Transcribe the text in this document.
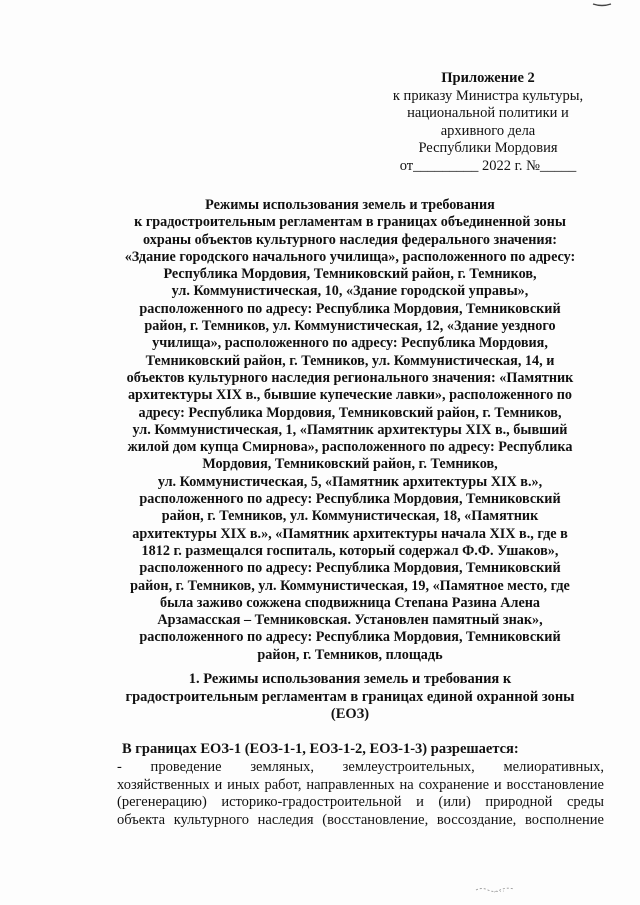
Приложение 2
к приказу Министра культуры,
национальной политики и
архивного дела
Республики Мордовия
от_________ 2022 г. №_____
Режимы использования земель и требования
к градостроительным регламентам в границах объединенной зоны
охраны объектов культурного наследия федерального значения:
«Здание городского начального училища», расположенного по адресу:
Республика Мордовия, Темниковский район, г. Темников,
ул. Коммунистическая, 10, «Здание городской управы»,
расположенного по адресу: Республика Мордовия, Темниковский
район, г. Темников, ул. Коммунистическая, 12, «Здание уездного
училища», расположенного по адресу: Республика Мордовия,
Темниковский район, г. Темников, ул. Коммунистическая, 14, и
объектов культурного наследия регионального значения: «Памятник
архитектуры XIX в., бывшие купеческие лавки», расположенного по
адресу: Республика Мордовия, Темниковский район, г. Темников,
ул. Коммунистическая, 1, «Памятник архитектуры XIX в., бывший
жилой дом купца Смирнова», расположенного по адресу: Республика
Мордовия, Темниковский район, г. Темников,
ул. Коммунистическая, 5, «Памятник архитектуры XIX в.»,
расположенного по адресу: Республика Мордовия, Темниковский
район, г. Темников, ул. Коммунистическая, 18, «Памятник
архитектуры XIX в.», «Памятник архитектуры начала XIX в., где в
1812 г. размещался госпиталь, который содержал Ф.Ф. Ушаков»,
расположенного по адресу: Республика Мордовия, Темниковский
район, г. Темников, ул. Коммунистическая, 19, «Памятное место, где
была заживо сожжена сподвижница Степана Разина Алена
Арзамасская – Темниковская. Установлен памятный знак»,
расположенного по адресу: Республика Мордовия, Темниковский
район, г. Темников, площадь
1. Режимы использования земель и требования к
градостроительным регламентам в границах единой охранной зоны
(ЕОЗ)
В границах ЕОЗ-1 (ЕОЗ-1-1, ЕОЗ-1-2, ЕОЗ-1-3) разрешается:
- проведение земляных, землеустроительных, мелиоративных,
хозяйственных и иных работ, направленных на сохранение и восстановление
(регенерацию) историко-градостроительной и (или) природной среды
объекта культурного наследия (восстановление, воссоздание, восполнение
